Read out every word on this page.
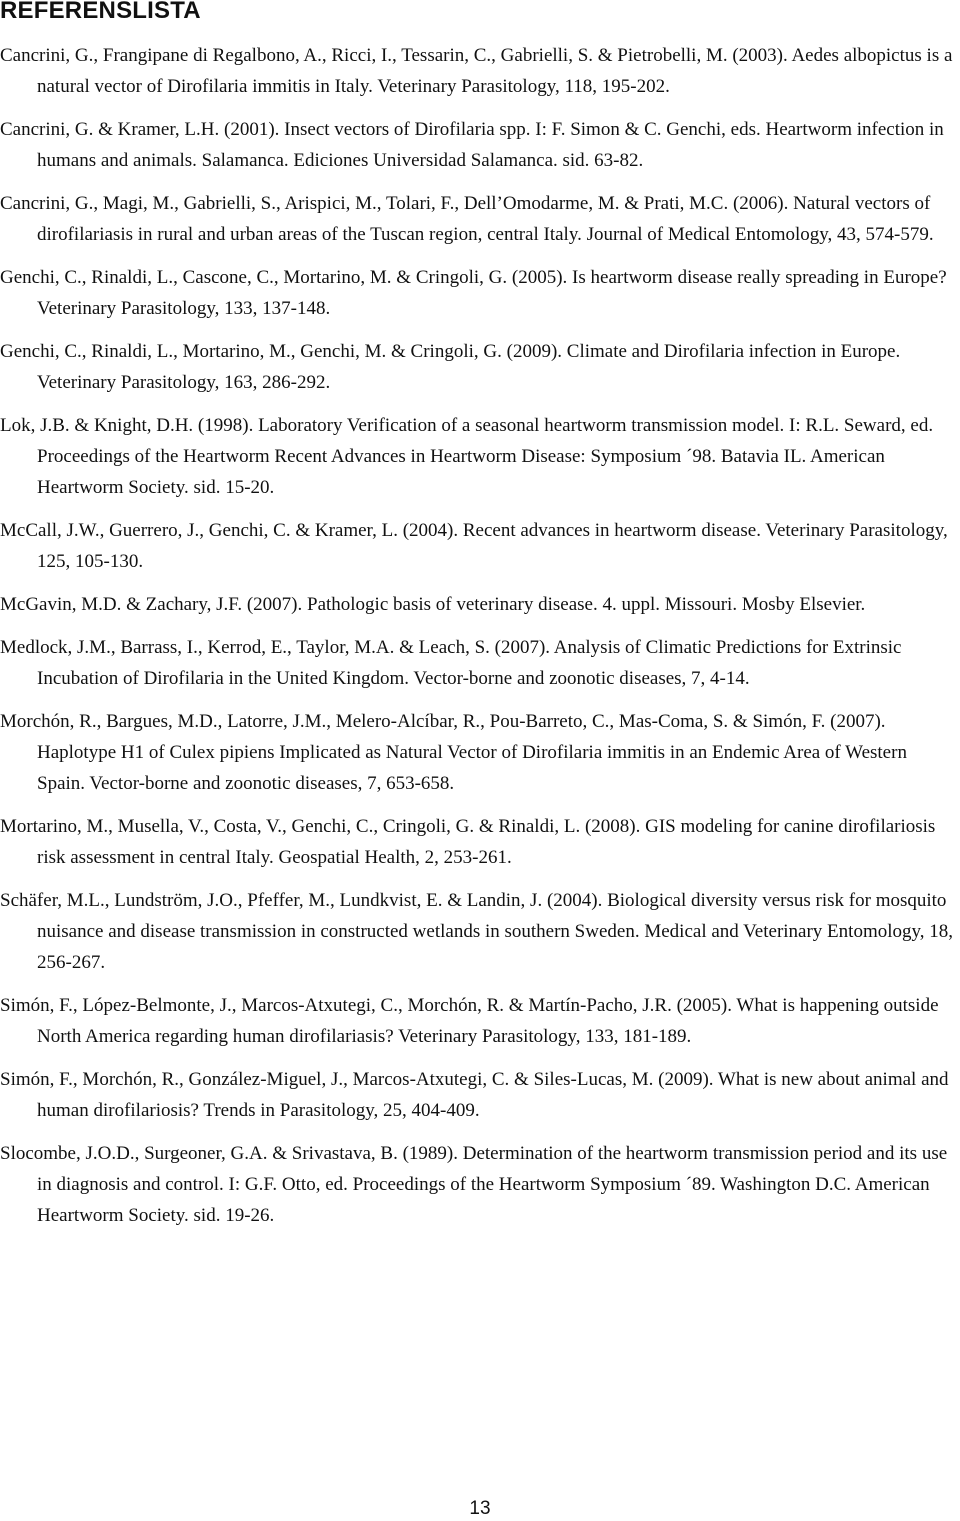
REFERENSLISTA
Cancrini, G., Frangipane di Regalbono, A., Ricci, I., Tessarin, C., Gabrielli, S. & Pietrobelli, M. (2003). Aedes albopictus is a natural vector of Dirofilaria immitis in Italy. Veterinary Parasitology, 118, 195-202.
Cancrini, G. & Kramer, L.H. (2001). Insect vectors of Dirofilaria spp. I: F. Simon & C. Genchi, eds. Heartworm infection in humans and animals. Salamanca. Ediciones Universidad Salamanca. sid. 63-82.
Cancrini, G., Magi, M., Gabrielli, S., Arispici, M., Tolari, F., Dell’Omodarme, M. & Prati, M.C. (2006). Natural vectors of dirofilariasis in rural and urban areas of the Tuscan region, central Italy. Journal of Medical Entomology, 43, 574-579.
Genchi, C., Rinaldi, L., Cascone, C., Mortarino, M. & Cringoli, G. (2005). Is heartworm disease really spreading in Europe? Veterinary Parasitology, 133, 137-148.
Genchi, C., Rinaldi, L., Mortarino, M., Genchi, M. & Cringoli, G. (2009). Climate and Dirofilaria infection in Europe. Veterinary Parasitology, 163, 286-292.
Lok, J.B. & Knight, D.H. (1998). Laboratory Verification of a seasonal heartworm transmission model. I: R.L. Seward, ed. Proceedings of the Heartworm Recent Advances in Heartworm Disease: Symposium ´98. Batavia IL. American Heartworm Society. sid. 15-20.
McCall, J.W., Guerrero, J., Genchi, C. & Kramer, L. (2004). Recent advances in heartworm disease. Veterinary Parasitology, 125, 105-130.
McGavin, M.D. & Zachary, J.F. (2007). Pathologic basis of veterinary disease. 4. uppl. Missouri. Mosby Elsevier.
Medlock, J.M., Barrass, I., Kerrod, E., Taylor, M.A. & Leach, S. (2007). Analysis of Climatic Predictions for Extrinsic Incubation of Dirofilaria in the United Kingdom. Vector-borne and zoonotic diseases, 7, 4-14.
Morchón, R., Bargues, M.D., Latorre, J.M., Melero-Alcíbar, R., Pou-Barreto, C., Mas-Coma, S. & Simón, F. (2007). Haplotype H1 of Culex pipiens Implicated as Natural Vector of Dirofilaria immitis in an Endemic Area of Western Spain. Vector-borne and zoonotic diseases, 7, 653-658.
Mortarino, M., Musella, V., Costa, V., Genchi, C., Cringoli, G. & Rinaldi, L. (2008). GIS modeling for canine dirofilariosis risk assessment in central Italy. Geospatial Health, 2, 253-261.
Schäfer, M.L., Lundström, J.O., Pfeffer, M., Lundkvist, E. & Landin, J. (2004). Biological diversity versus risk for mosquito nuisance and disease transmission in constructed wetlands in southern Sweden. Medical and Veterinary Entomology, 18, 256-267.
Simón, F., López-Belmonte, J., Marcos-Atxutegi, C., Morchón, R. & Martín-Pacho, J.R. (2005). What is happening outside North America regarding human dirofilariasis? Veterinary Parasitology, 133, 181-189.
Simón, F., Morchón, R., González-Miguel, J., Marcos-Atxutegi, C. & Siles-Lucas, M. (2009). What is new about animal and human dirofilariosis? Trends in Parasitology, 25, 404-409.
Slocombe, J.O.D., Surgeoner, G.A. & Srivastava, B. (1989). Determination of the heartworm transmission period and its use in diagnosis and control. I: G.F. Otto, ed. Proceedings of the Heartworm Symposium ´89. Washington D.C. American Heartworm Society. sid. 19-26.
13
